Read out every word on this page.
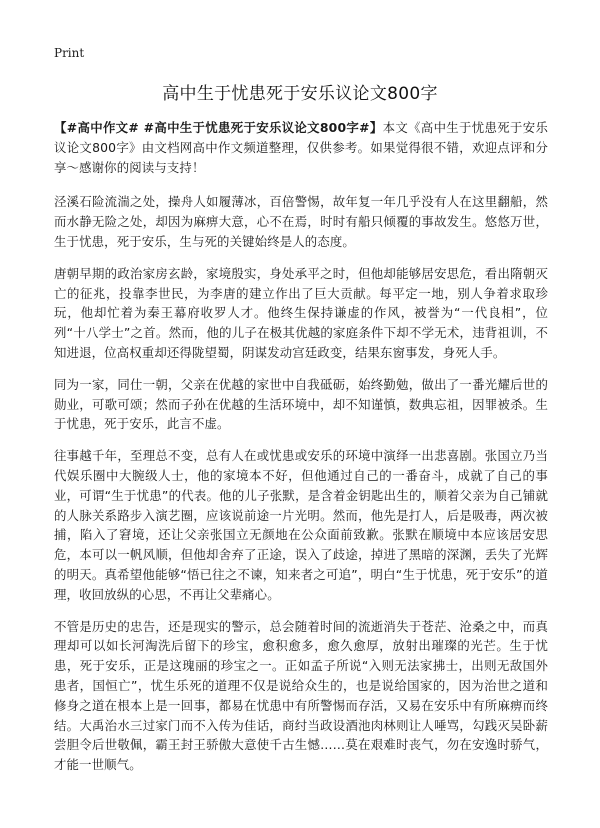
Print
高中生于忧患死于安乐议论文800字

【#高中作文# #高中生于忧患死于安乐议论文800字#】本文《高中生于忧患死于安乐议论文800字》由文档网高中作文频道整理，仅供参考。如果觉得很不错，欢迎点评和分享～感谢你的阅读与支持！

泾溪石险流湍之处，操舟人如履薄冰，百倍警惕，故年复一年几乎没有人在这里翻船，然而水静无险之处，却因为麻痹大意，心不在焉，时时有船只倾覆的事故发生。悠悠万世，生于忧患，死于安乐，生与死的关键始终是人的态度。

唐朝早期的政治家房玄龄，家境殷实，身处承平之时，但他却能够居安思危，看出隋朝灭亡的征兆，投靠李世民，为李唐的建立作出了巨大贡献。每平定一地，别人争着求取珍玩，他却忙着为秦王幕府收罗人才。他终生保持谦虚的作风，被誉为“一代良相”，位列“十八学士”之首。然而，他的儿子在极其优越的家庭条件下却不学无术，违背祖训，不知进退，位高权重却还得陇望蜀，阴谋发动宫廷政变，结果东窗事发，身死人手。

同为一家，同仕一朝，父亲在优越的家世中自我砥砺，始终勤勉，做出了一番光耀后世的勋业，可歌可颂；然而子孙在优越的生活环境中，却不知谨慎，数典忘祖，因罪被杀。生于忧患，死于安乐，此言不虚。

往事越千年，至理总不变，总有人在或忧患或安乐的环境中演绎一出悲喜剧。张国立乃当代娱乐圈中大腕级人士，他的家境本不好，但他通过自己的一番奋斗，成就了自己的事业，可谓“生于忧患”的代表。他的儿子张默，是含着金钥匙出生的，顺着父亲为自己铺就的人脉关系路步入演艺圈，应该说前途一片光明。然而，他先是打人，后是吸毒，两次被捕，陷入了窘境，还让父亲张国立无颜地在公众面前致歉。张默在顺境中本应该居安思危，本可以一帆风顺，但他却舍弃了正途，误入了歧途，掉进了黑暗的深渊，丢失了光辉的明天。真希望他能够“悟已往之不谏，知来者之可追”，明白“生于忧患，死于安乐”的道理，收回放纵的心思，不再让父辈痛心。

不管是历史的忠告，还是现实的警示，总会随着时间的流逝消失于苍茫、沧桑之中，而真理却可以如长河淘洗后留下的珍宝，愈积愈多，愈久愈厚，放射出璀璨的光芒。生于忧患，死于安乐，正是这瑰丽的珍宝之一。正如孟子所说“入则无法家拂士，出则无敌国外患者，国恒亡”，忧生乐死的道理不仅是说给众生的，也是说给国家的，因为治世之道和修身之道在根本上是一回事，都易在忧患中有所警惕而存活，又易在安乐中有所麻痹而终结。大禹治水三过家门而不入传为佳话，商纣当政设酒池肉林则让人唾骂，勾践灭吴卧薪尝胆令后世敬佩，霸王封王骄傲大意使千古生憾……莫在艰难时丧气，勿在安逸时骄气，才能一世顺气。
